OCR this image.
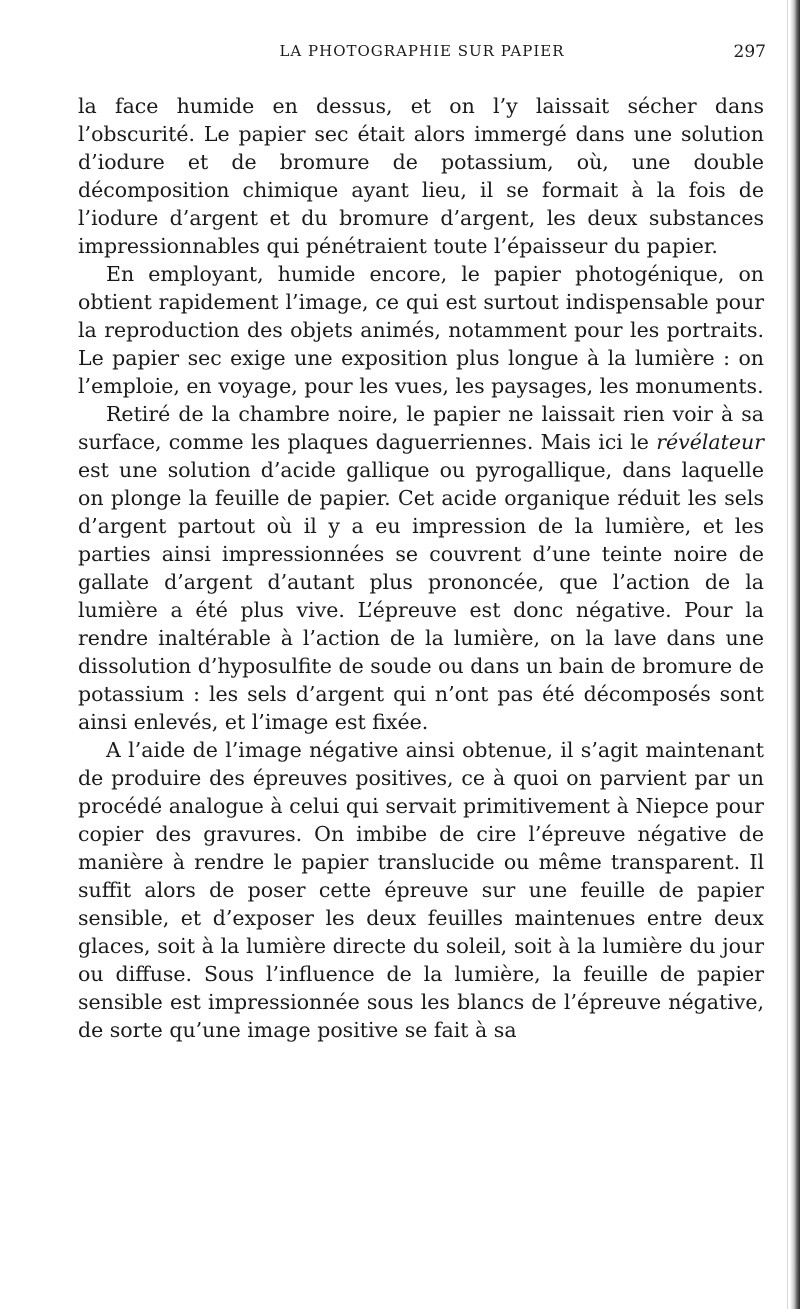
LA PHOTOGRAPHIE SUR PAPIER	297

la face humide en dessus, et on l’y laissait sécher dans l’obscurité. Le papier sec était alors immergé dans une solution d’iodure et de bromure de potassium, où, une double décomposition chimique ayant lieu, il se formait à la fois de l’iodure d’argent et du bromure d’argent, les deux substances impressionnables qui pénétraient toute l’épaisseur du papier.

En employant, humide encore, le papier photogénique, on obtient rapidement l’image, ce qui est surtout indispensable pour la reproduction des objets animés, notamment pour les portraits. Le papier sec exige une exposition plus longue à la lumière : on l’emploie, en voyage, pour les vues, les paysages, les monuments.

Retiré de la chambre noire, le papier ne laissait rien voir à sa surface, comme les plaques daguerriennes. Mais ici le révélateur est une solution d’acide gallique ou pyrogallique, dans laquelle on plonge la feuille de papier. Cet acide organique réduit les sels d’argent partout où il y a eu impression de la lumière, et les parties ainsi impressionnées se couvrent d’une teinte noire de gallate d’argent d’autant plus prononcée, que l’action de la lumière a été plus vive. L’épreuve est donc négative. Pour la rendre inaltérable à l’action de la lumière, on la lave dans une dissolution d’hyposulfite de soude ou dans un bain de bromure de potassium : les sels d’argent qui n’ont pas été décomposés sont ainsi enlevés, et l’image est fixée.

A l’aide de l’image négative ainsi obtenue, il s’agit maintenant de produire des épreuves positives, ce à quoi on parvient par un procédé analogue à celui qui servait primitivement à Niepce pour copier des gravures. On imbibe de cire l’épreuve négative de manière à rendre le papier translucide ou même transparent. Il suffit alors de poser cette épreuve sur une feuille de papier sensible, et d’exposer les deux feuilles maintenues entre deux glaces, soit à la lumière directe du soleil, soit à la lumière du jour ou diffuse. Sous l’influence de la lumière, la feuille de papier sensible est impressionnée sous les blancs de l’épreuve négative, de sorte qu’une image positive se fait à sa
